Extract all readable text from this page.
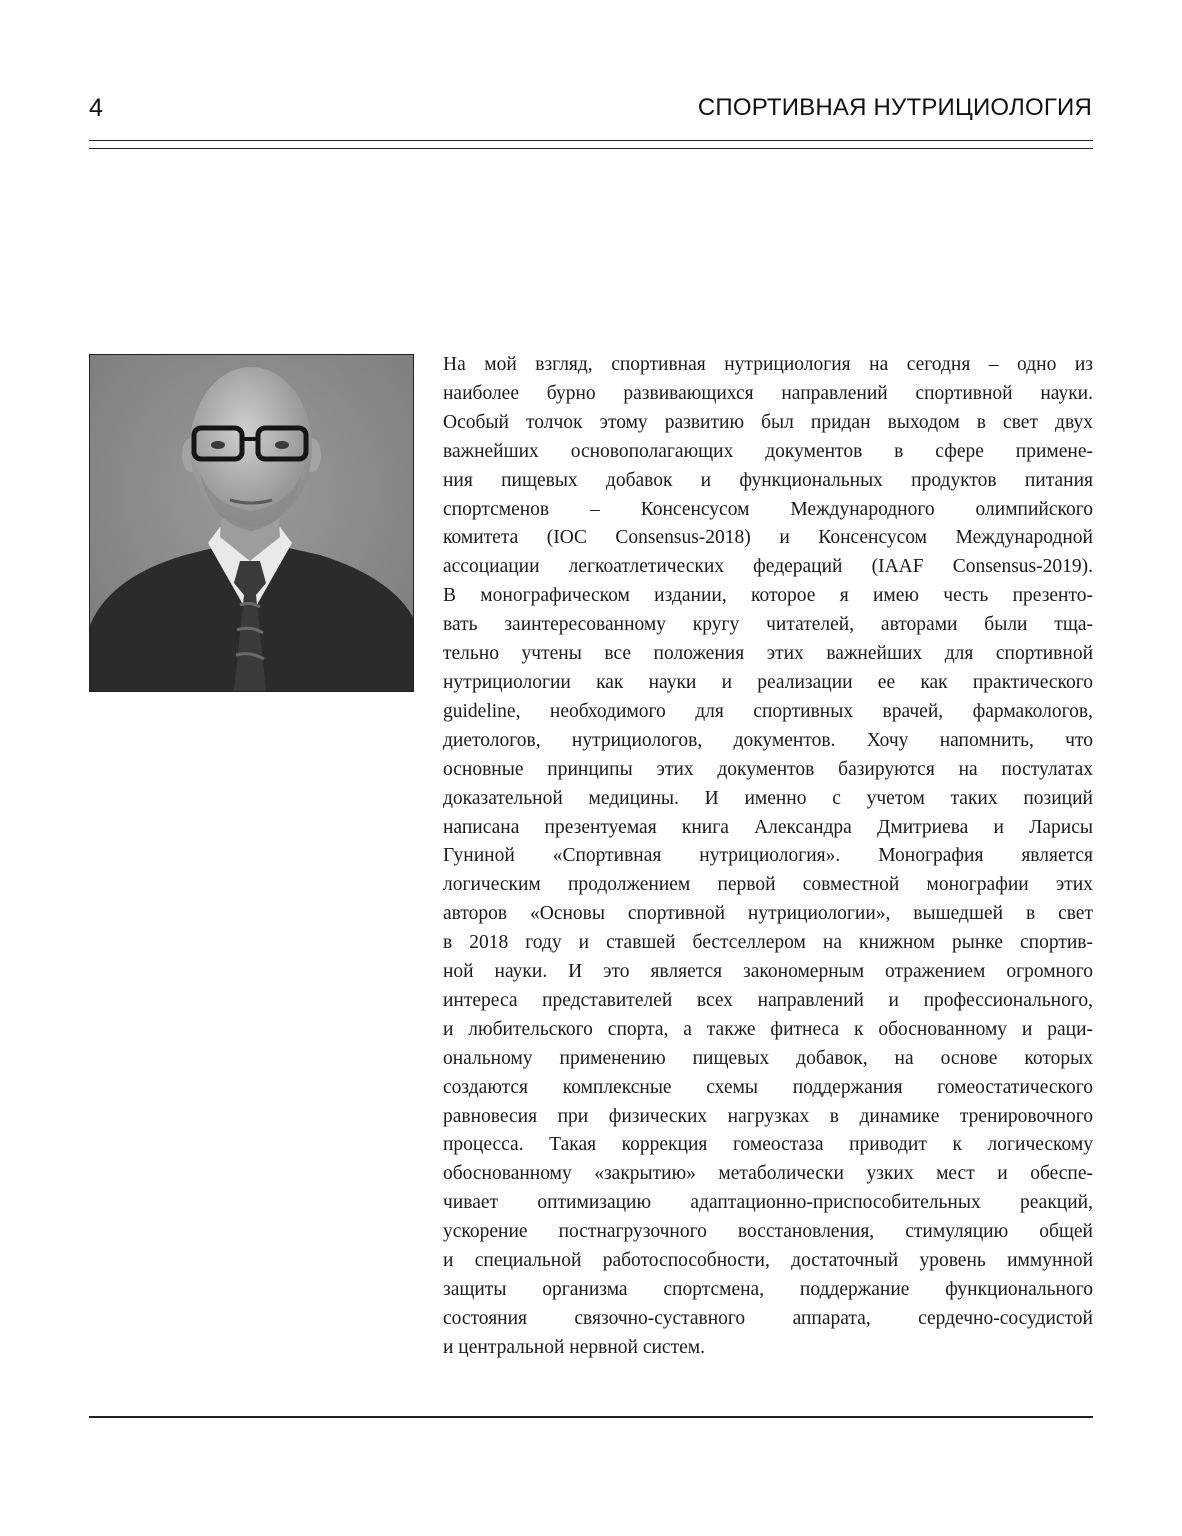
4	СПОРТИВНАЯ НУТРИЦИОЛОГИЯ
На мой взгляд, спортивная нутрициология на сегодня – одно из
наиболее бурно развивающихся направлений спортивной науки.
Особый толчок этому развитию был придан выходом в свет двух
важнейших основополагающих документов в сфере примене-
ния пищевых добавок и функциональных продуктов питания
спортсменов – Консенсусом Международного олимпийского
комитета (IOC Consensus-2018) и Консенсусом Международной
ассоциации легкоатлетических федераций (IAAF Consensus-2019).
В монографическом издании, которое я имею честь презенто-
вать заинтересованному кругу читателей, авторами были тща-
тельно учтены все положения этих важнейших для спортивной
нутрициологии как науки и реализации ее как практического
guideline, необходимого для спортивных врачей, фармакологов,
диетологов, нутрициологов, документов. Хочу напомнить, что
основные принципы этих документов базируются на постулатах
доказательной медицины. И именно с учетом таких позиций
написана презентуемая книга Александра Дмитриева и Ларисы
Гуниной «Спортивная нутрициология». Монография является
логическим продолжением первой совместной монографии этих
авторов «Основы спортивной нутрициологии», вышедшей в свет
в 2018 году и ставшей бестселлером на книжном рынке спортив-
ной науки. И это является закономерным отражением огромного
интереса представителей всех направлений и профессионального,
и любительского спорта, а также фитнеса к обоснованному и раци-
ональному применению пищевых добавок, на основе которых
создаются комплексные схемы поддержания гомеостатического
равновесия при физических нагрузках в динамике тренировочного
процесса. Такая коррекция гомеостаза приводит к логическому
обоснованному «закрытию» метаболически узких мест и обеспе-
чивает оптимизацию адаптационно-приспособительных реакций,
ускорение постнагрузочного восстановления, стимуляцию общей
и специальной работоспособности, достаточный уровень иммунной
защиты организма спортсмена, поддержание функционального
состояния связочно-суставного аппарата, сердечно-сосудистой
и центральной нервной систем.
